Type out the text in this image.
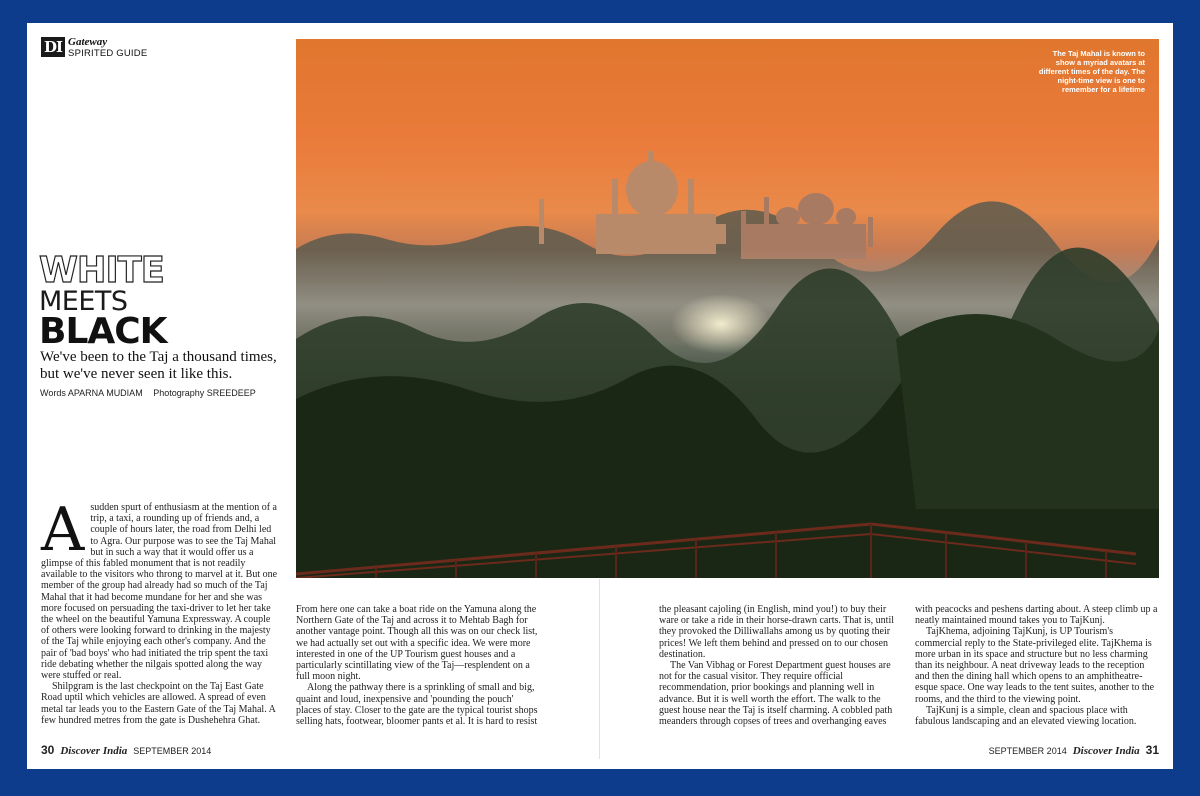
DI Gateway
SPIRITED GUIDE
WHITE
MEETS
BLACK
We've been to the Taj a thousand times, but we've never seen it like this.
Words APARNA MUDIAM Photography SREEDEEP
The Taj Mahal is known to show a myriad avatars at different times of the day. The night-time view is one to remember for a lifetime
A sudden spurt of enthusiasm at the mention of a trip, a taxi, a rounding up of friends and, a couple of hours later, the road from Delhi led to Agra. Our purpose was to see the Taj Mahal but in such a way that it would offer us a glimpse of this fabled monument that is not readily available to the visitors who throng to marvel at it. But one member of the group had already had so much of the Taj Mahal that it had become mundane for her and she was more focused on persuading the taxi-driver to let her take the wheel on the beautiful Yamuna Expressway. A couple of others were looking forward to drinking in the majesty of the Taj while enjoying each other's company. And the pair of 'bad boys' who had initiated the trip spent the taxi ride debating whether the nilgais spotted along the way were stuffed or real.

Shilpgram is the last checkpoint on the Taj East Gate Road uptil which vehicles are allowed. A spread of even metal tar leads you to the Eastern Gate of the Taj Mahal. A few hundred metres from the gate is Dushehehra Ghat.

From here one can take a boat ride on the Yamuna along the Northern Gate of the Taj and across it to Mehtab Bagh for another vantage point. Though all this was on our check list, we had actually set out with a specific idea. We were more interested in one of the UP Tourism guest houses and a particularly scintillating view of the Taj—resplendent on a full moon night.

Along the pathway there is a sprinkling of small and big, quaint and loud, inexpensive and 'pounding the pouch' places of stay. Closer to the gate are the typical tourist shops selling hats, footwear, bloomer pants et al. It is hard to resist

the pleasant cajoling (in English, mind you!) to buy their ware or take a ride in their horse-drawn carts. That is, until they provoked the Dilliwallahs among us by quoting their prices! We left them behind and pressed on to our chosen destination.

The Van Vibhag or Forest Department guest houses are not for the casual visitor. They require official recommendation, prior bookings and planning well in advance. But it is well worth the effort. The walk to the guest house near the Taj is itself charming. A cobbled path meanders through copses of trees and overhanging eaves

with peacocks and peshens darting about. A steep climb up a neatly maintained mound takes you to TajKunj.

TajKhema, adjoining TajKunj, is UP Tourism's commercial reply to the State-privileged elite. TajKhema is more urban in its space and structure but no less charming than its neighbour. A neat driveway leads to the reception and then the dining hall which opens to an amphitheatre-esque space. One way leads to the tent suites, another to the rooms, and the third to the viewing point.

TajKunj is a simple, clean and spacious place with fabulous landscaping and an elevated viewing location.

30 Discover India SEPTEMBER 2014	SEPTEMBER 2014 Discover India 31
